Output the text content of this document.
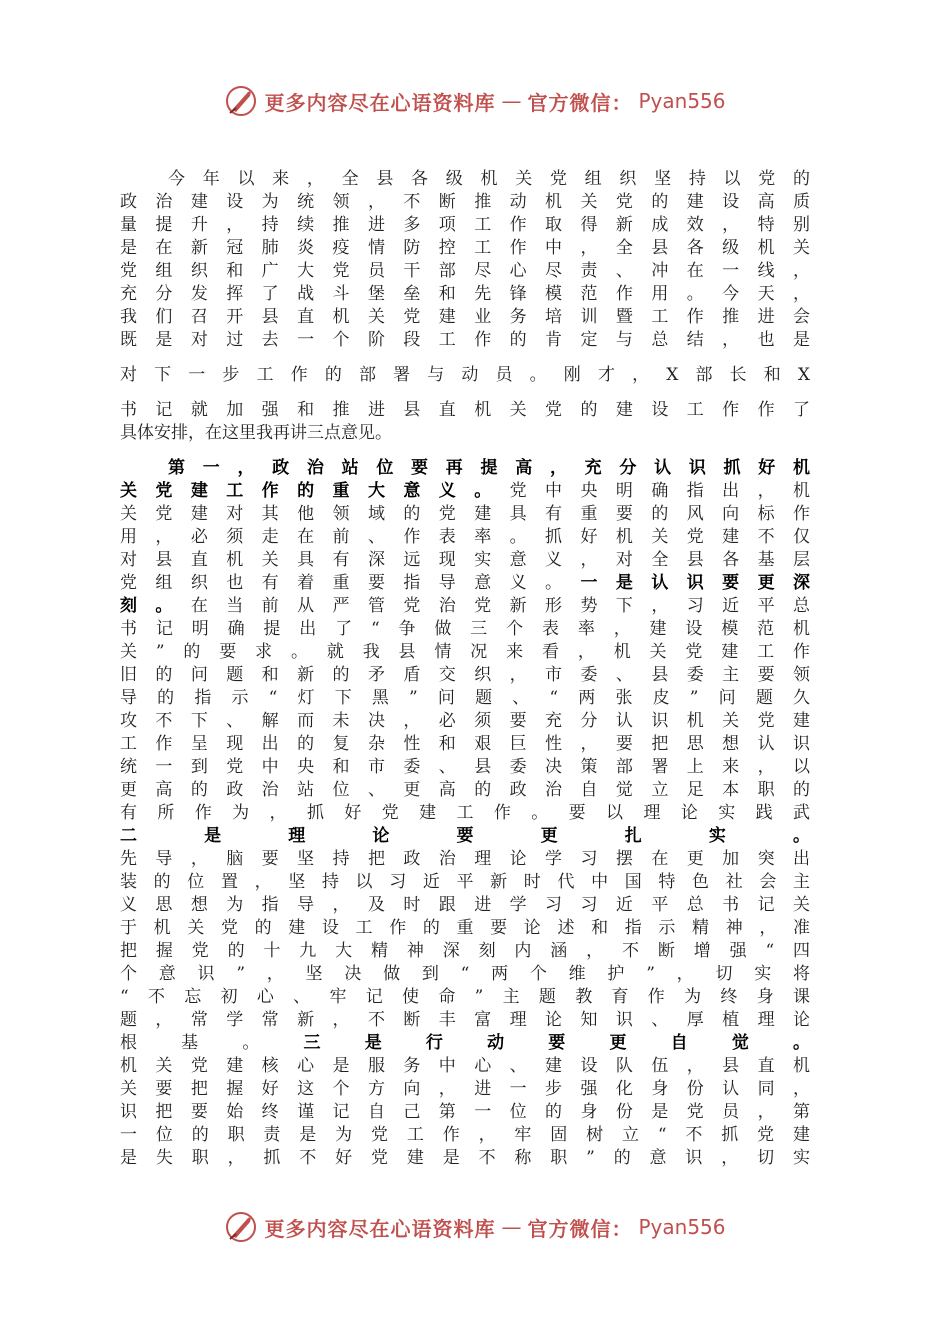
更多内容尽在心语资料库 — 官方微信： Pyan556
今年以来，全县各级机关党组织坚持以党的
政治建设为统领，不断推动机关党的建设高质
量提升，持续推进多项工作取得新成效，特别
是在新冠肺炎疫情防控工作中，全县各级机关
党组织和广大党员干部尽心尽责、冲在一线，
充分发挥了战斗堡垒和先锋模范作用。今天，
我们召开县直机关党建业务培训暨工作推进会
既是对过去一个阶段工作的肯定与总结，也是
对下一步工作的部署与动员。刚才，X部长和X
书记就加强和推进县直机关党的建设工作作了
具体安排，在这里我再讲三点意见。
第一，政治站位要再提高，充分认识抓好机
关党建工作的重大意义。党中央明确指出，机
关党建对其他领域的党建具有重要的风向标作
用，必须走在前、作表率。抓好机关党建不仅
对县直机关具有深远现实意义，对全县各基层
党组织也有着重要指导意义。一是认识要更深
刻。在当前从严管党治党新形势下，习近平总
书记明确提出了“争做三个表率，建设模范机
关”的要求。就我县情况来看，机关党建工作
旧的问题和新的矛盾交织，市委、县委主要领
导的指示“灯下黑”问题、“两张皮”问题久
攻不下、解而未决，必须要充分认识机关党建
工作呈现出的复杂性和艰巨性，要把思想认识
统一到党中央和市委、县委决策部署上来，以
更高的政治站位、更高的政治自觉立足本职的
有所作为，抓好党建工作。要以理论实践武
二是理论要更扎实。
先导，脑要坚持把政治理论学习摆在更加突出
装的位置，坚持以习近平新时代中国特色社会主
义思想为指导，及时跟进学习习近平总书记关
于机关党的建设工作的重要论述和指示精神，准
把握党的十九大精神深刻内涵，不断增强“四
个意识”，坚决做到“两个维护”，切实将
“不忘初心、牢记使命”主题教育作为终身课
题，常学常新，不断丰富理论知识、厚植理论
根基。三是行动要更自觉。
机关党建核心是服务中心、建设队伍，县直机
关要把握好这个方向，进一步强化身份认同，
识把要始终谨记自己第一位的身份是党员，第
一位的职责是为党工作，牢固树立“不抓党建
是失职，抓不好党建是不称职”的意识，切实
更多内容尽在心语资料库 — 官方微信： Pyan556
